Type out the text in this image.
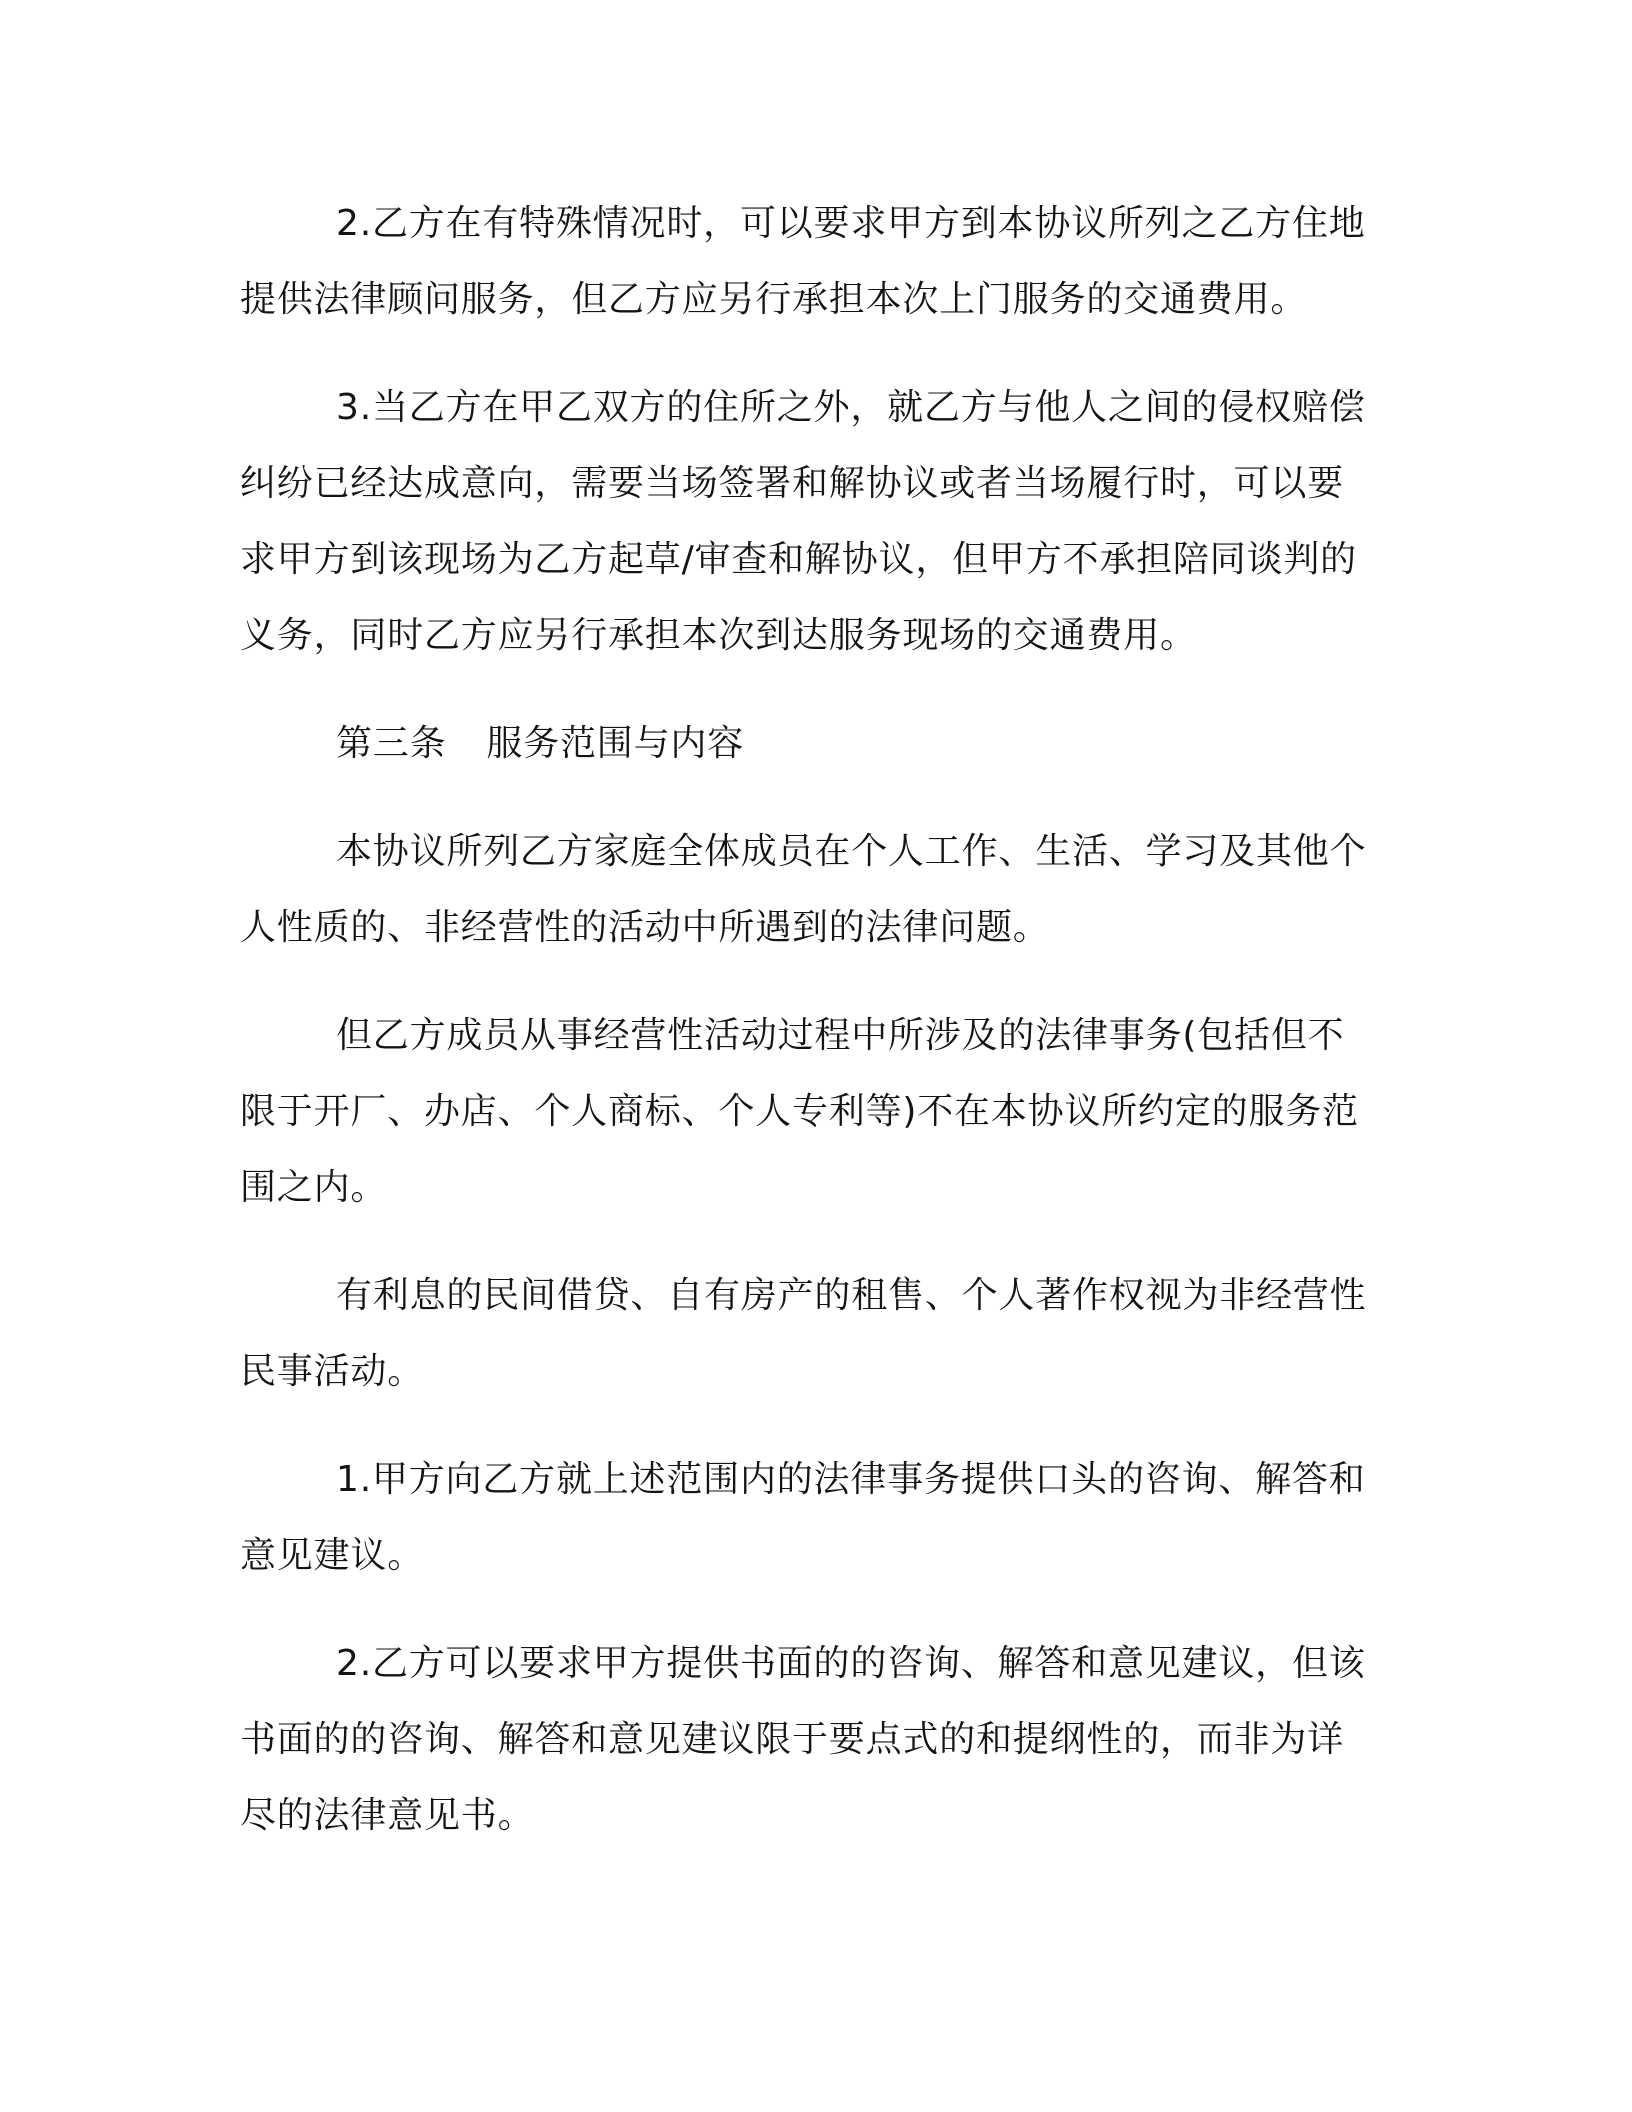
2.乙方在有特殊情况时，可以要求甲方到本协议所列之乙方住地
提供法律顾问服务，但乙方应另行承担本次上门服务的交通费用。
3.当乙方在甲乙双方的住所之外，就乙方与他人之间的侵权赔偿
纠纷已经达成意向，需要当场签署和解协议或者当场履行时，可以要
求甲方到该现场为乙方起草/审查和解协议，但甲方不承担陪同谈判的
义务，同时乙方应另行承担本次到达服务现场的交通费用。
第三条 服务范围与内容
本协议所列乙方家庭全体成员在个人工作、生活、学习及其他个
人性质的、非经营性的活动中所遇到的法律问题。
但乙方成员从事经营性活动过程中所涉及的法律事务(包括但不
限于开厂、办店、个人商标、个人专利等)不在本协议所约定的服务范
围之内。
有利息的民间借贷、自有房产的租售、个人著作权视为非经营性
民事活动。
1.甲方向乙方就上述范围内的法律事务提供口头的咨询、解答和
意见建议。
2.乙方可以要求甲方提供书面的的咨询、解答和意见建议，但该
书面的的咨询、解答和意见建议限于要点式的和提纲性的，而非为详
尽的法律意见书。
